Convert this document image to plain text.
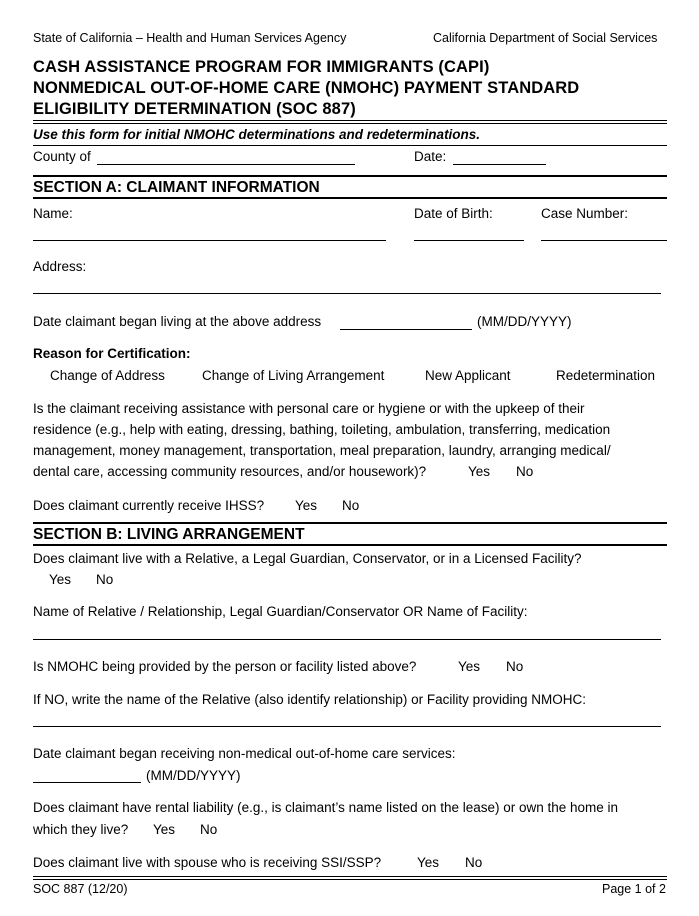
State of California – Health and Human Services Agency	California Department of Social Services
CASH ASSISTANCE PROGRAM FOR IMMIGRANTS (CAPI)
NONMEDICAL OUT-OF-HOME CARE (NMOHC) PAYMENT STANDARD
ELIGIBILITY DETERMINATION (SOC 887)
Use this form for initial NMOHC determinations and redeterminations.
County of	Date:
SECTION A: CLAIMANT INFORMATION
Name:	Date of Birth:	Case Number:
Address:
Date claimant began living at the above address	(MM/DD/YYYY)
Reason for Certification:
Change of Address	Change of Living Arrangement	New Applicant	Redetermination
Is the claimant receiving assistance with personal care or hygiene or with the upkeep of their
residence (e.g., help with eating, dressing, bathing, toileting, ambulation, transferring, medication
management, money management, transportation, meal preparation, laundry, arranging medical/
dental care, accessing community resources, and/or housework)?	Yes No
Does claimant currently receive IHSS? Yes No
SECTION B: LIVING ARRANGEMENT
Does claimant live with a Relative, a Legal Guardian, Conservator, or in a Licensed Facility?
Yes No
Name of Relative / Relationship, Legal Guardian/Conservator OR Name of Facility:
Is NMOHC being provided by the person or facility listed above?	Yes No
If NO, write the name of the Relative (also identify relationship) or Facility providing NMOHC:
Date claimant began receiving non-medical out-of-home care services:
(MM/DD/YYYY)
Does claimant have rental liability (e.g., is claimant’s name listed on the lease) or own the home in
which they live? Yes No
Does claimant live with spouse who is receiving SSI/SSP?	Yes No
SOC 887 (12/20)	Page 1 of 2
